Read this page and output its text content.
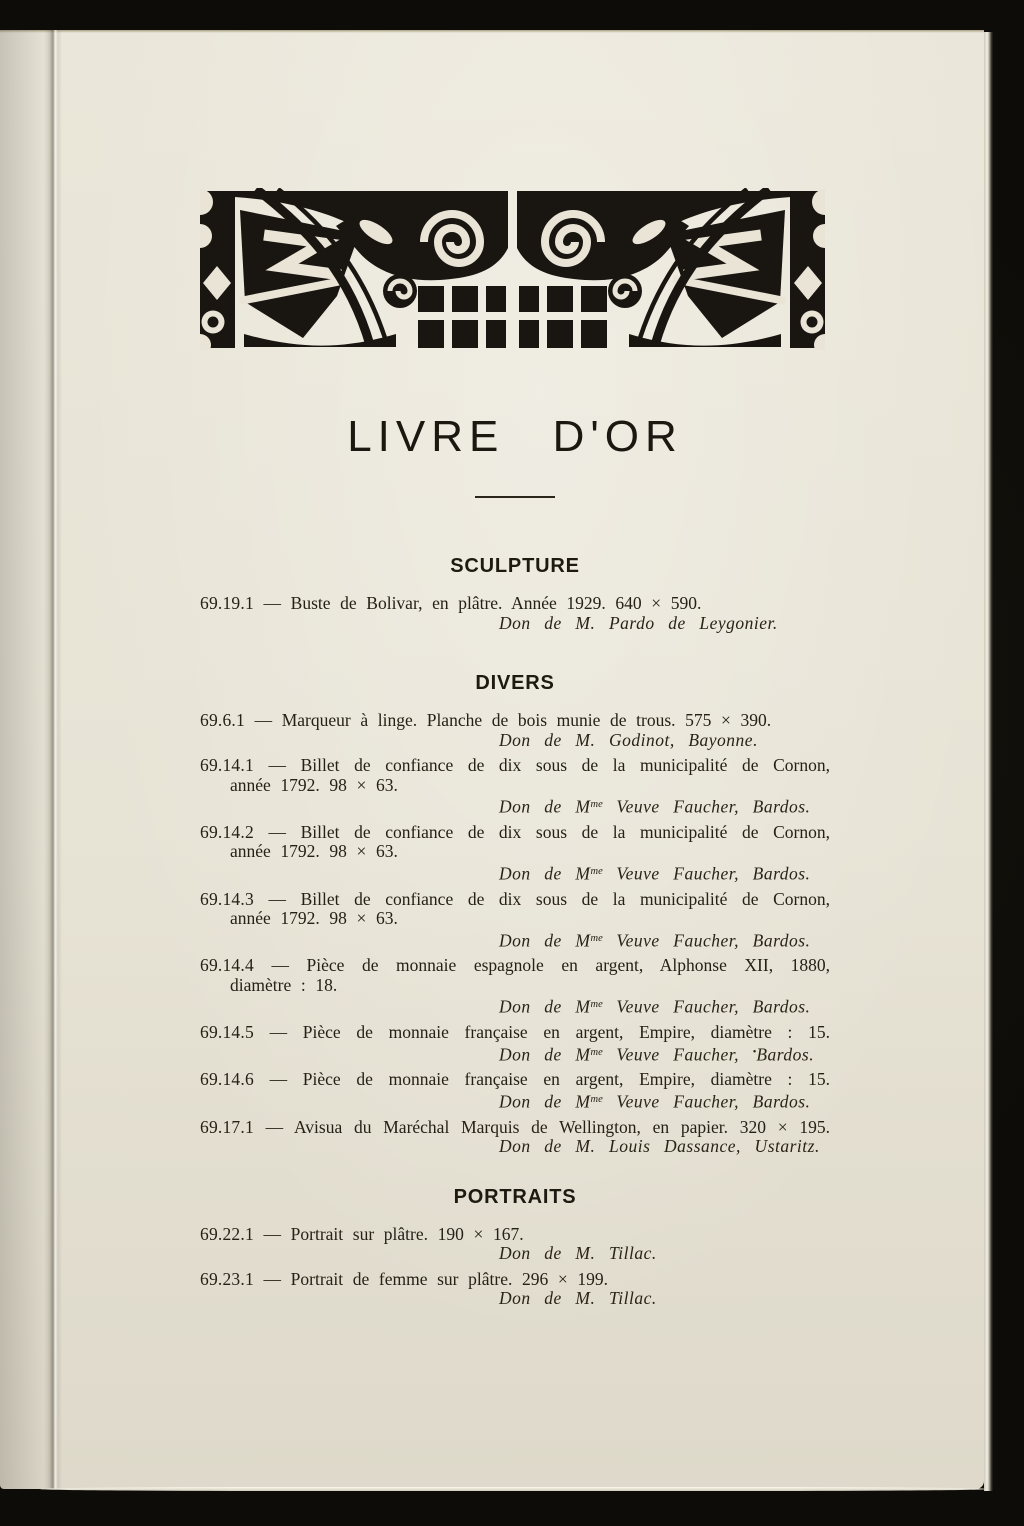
LIVRE D'OR
SCULPTURE
69.19.1 — Buste de Bolivar, en plâtre. Année 1929. 640 × 590.
Don de M. Pardo de Leygonier.
DIVERS
69.6.1 — Marqueur à linge. Planche de bois munie de trous. 575 × 390.
Don de M. Godinot, Bayonne.
69.14.1 — Billet de confiance de dix sous de la municipalité de Cornon,
année 1792. 98 × 63.
Don de $M^{me}$ Veuve Faucher, Bardos.
69.14.2 — Billet de confiance de dix sous de la municipalité de Cornon,
année 1792. 98 × 63.
Don de $M^{me}$ Veuve Faucher, Bardos.
69.14.3 — Billet de confiance de dix sous de la municipalité de Cornon,
année 1792. 98 × 63.
Don de $M^{me}$ Veuve Faucher, Bardos.
69.14.4 — Pièce de monnaie espagnole en argent, Alphonse XII, 1880,
diamètre : 18.
Don de $M^{me}$ Veuve Faucher, Bardos.
69.14.5 — Pièce de monnaie française en argent, Empire, diamètre : 15.
Don de $M^{me}$ Veuve Faucher, •Bardos.
69.14.6 — Pièce de monnaie française en argent, Empire, diamètre : 15.
Don de $M^{me}$ Veuve Faucher, Bardos.
69.17.1 — Avisua du Maréchal Marquis de Wellington, en papier. 320 × 195.
Don de M. Louis Dassance, Ustaritz.
PORTRAITS
69.22.1 — Portrait sur plâtre. 190 × 167.
Don de M. Tillac.
69.23.1 — Portrait de femme sur plâtre. 296 × 199.
Don de M. Tillac.
